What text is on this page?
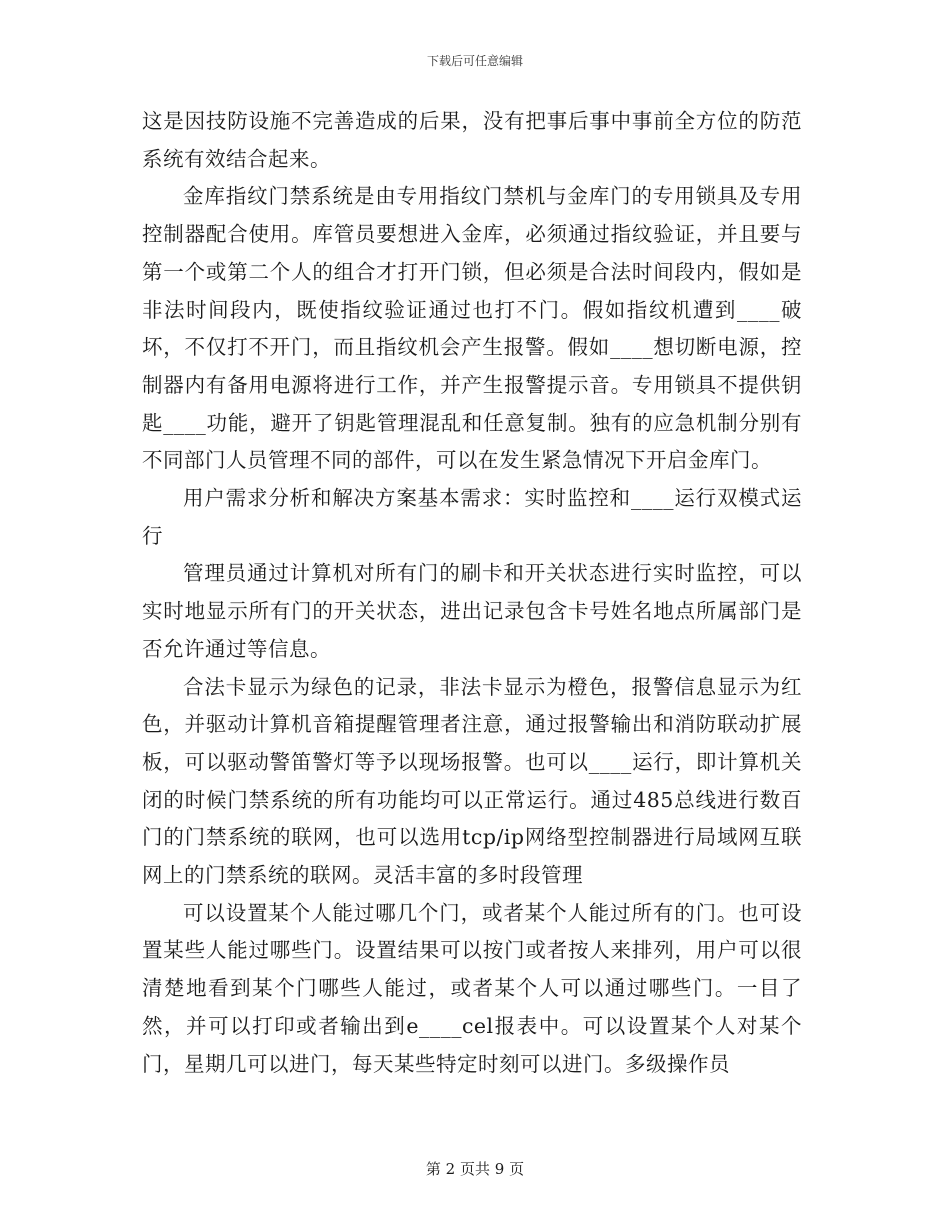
下载后可任意编辑

这是因技防设施不完善造成的后果，没有把事后事中事前全方位的防范系统有效结合起来。

金库指纹门禁系统是由专用指纹门禁机与金库门的专用锁具及专用控制器配合使用。库管员要想进入金库，必须通过指纹验证，并且要与第一个或第二个人的组合才打开门锁，但必须是合法时间段内，假如是非法时间段内，既使指纹验证通过也打不门。假如指纹机遭到____破坏，不仅打不开门，而且指纹机会产生报警。假如____想切断电源，控制器内有备用电源将进行工作，并产生报警提示音。专用锁具不提供钥匙____功能，避开了钥匙管理混乱和任意复制。独有的应急机制分别有不同部门人员管理不同的部件，可以在发生紧急情况下开启金库门。

用户需求分析和解决方案基本需求：实时监控和____运行双模式运行

管理员通过计算机对所有门的刷卡和开关状态进行实时监控，可以实时地显示所有门的开关状态，进出记录包含卡号姓名地点所属部门是否允许通过等信息。

合法卡显示为绿色的记录，非法卡显示为橙色，报警信息显示为红色，并驱动计算机音箱提醒管理者注意，通过报警输出和消防联动扩展板，可以驱动警笛警灯等予以现场报警。也可以____运行，即计算机关闭的时候门禁系统的所有功能均可以正常运行。通过485总线进行数百门的门禁系统的联网，也可以选用tcp/ip网络型控制器进行局域网互联网上的门禁系统的联网。灵活丰富的多时段管理

可以设置某个人能过哪几个门，或者某个人能过所有的门。也可设置某些人能过哪些门。设置结果可以按门或者按人来排列，用户可以很清楚地看到某个门哪些人能过，或者某个人可以通过哪些门。一目了然，并可以打印或者输出到e____cel报表中。可以设置某个人对某个门，星期几可以进门，每天某些特定时刻可以进门。多级操作员

第 2 页共 9 页
